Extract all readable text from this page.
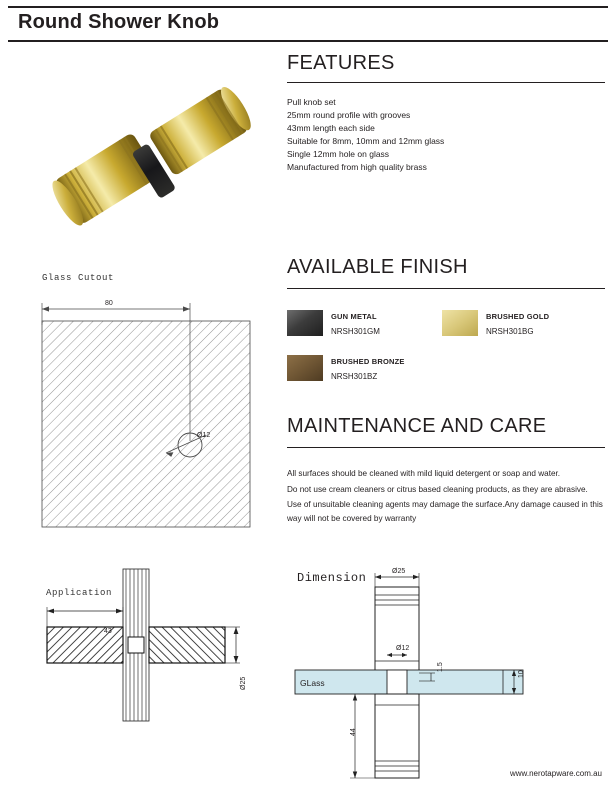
Round Shower Knob
FEATURES
Pull knob set
25mm round profile with grooves
43mm length each side
Suitable for 8mm, 10mm and 12mm glass
Single 12mm hole on glass
Manufactured from high quality brass
AVAILABLE FINISH
GUN METAL
NRSH301GM
BRUSHED GOLD
NRSH301BG
BRUSHED BRONZE
NRSH301BZ
MAINTENANCE AND CARE

All surfaces should be cleaned with mild liquid detergent or soap and water.

Do not use cream cleaners or citrus based cleaning products, as they are abrasive.

Use of unsuitable cleaning agents may damage the surface.Any damage caused in this way will not be covered by warranty

Glass Cutout
80
Ø12
Application
43
Ø25
Dimension	Ø25
Ø12
1.5
GLass
10
44
www.nerotapware.com.au
